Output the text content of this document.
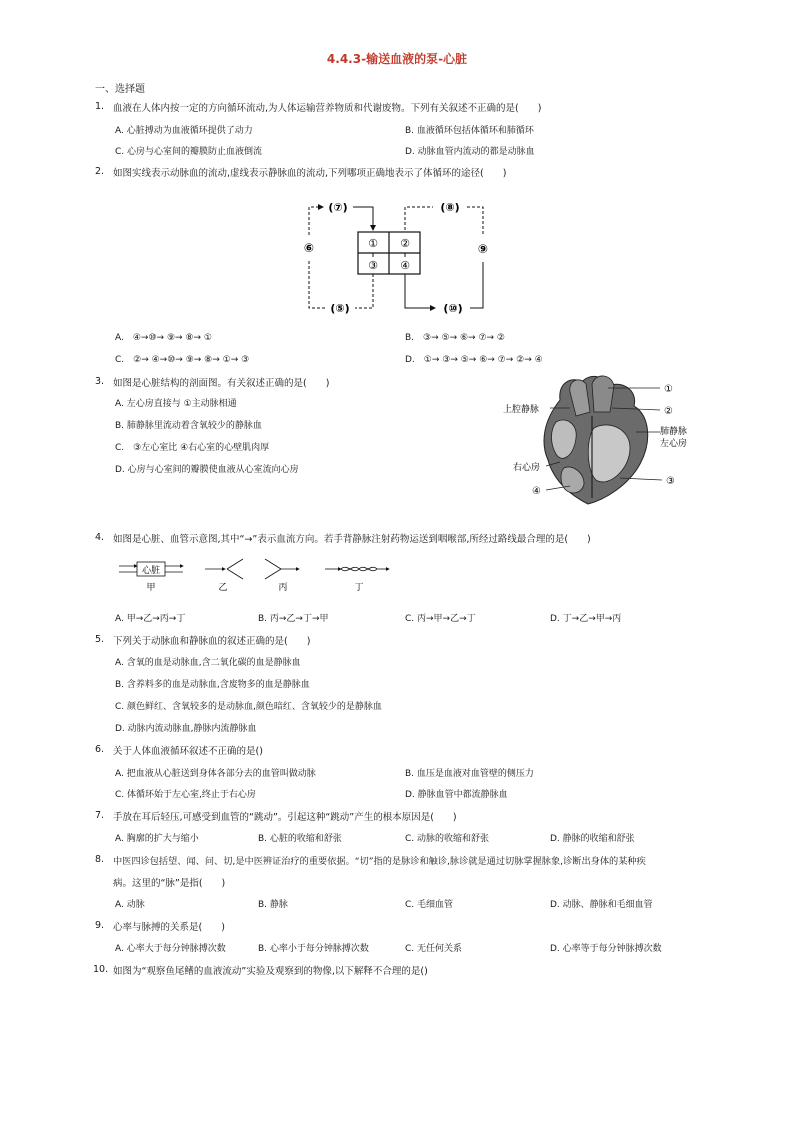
4.4.3-输送血液的泵-心脏
一、选择题
1. 血液在人体内按一定的方向循环流动,为人体运输营养物质和代谢废物。下列有关叙述不正确的是(　　)
A. 心脏搏动为血液循环提供了动力	B. 血液循环包括体循环和肺循环
C. 心房与心室间的瓣膜防止血液倒流	D. 动脉血管内流动的都是动脉血
2. 如图实线表示动脉血的流动,虚线表示静脉血的流动,下列哪项正确地表示了体循环的途径(　　)
① ②
③ ④
(⑦)	(⑧)
⑥	⑨
(⑤)	(⑩)
A.　④→⑩→ ⑨→ ⑧→ ①	B.　③→ ⑤→ ⑥→ ⑦→ ②
C.　②→ ④→⑩→ ⑨→ ⑧→ ①→ ③	D.　①→ ③→ ⑤→ ⑥→ ⑦→ ②→ ④
3. 如图是心脏结构的剖面图。有关叙述正确的是(　　)
A. 左心房直接与 ①主动脉相通
B. 肺静脉里流动着含氧较少的静脉血
C.　③左心室比 ④右心室的心壁肌肉厚
D. 心房与心室间的瓣膜使血液从心室流向心房
①
②
肺静脉
左心房
③
上腔静脉
右心房
④
4. 如图是心脏、血管示意图,其中“→”表示血流方向。若手背静脉注射药物运送到咽喉部,所经过路线最合理的是(　　)
心脏
甲	乙	丙	丁
A. 甲→乙→丙→丁	B. 丙→乙→丁→甲	C. 丙→甲→乙→丁	D. 丁→乙→甲→丙
5. 下列关于动脉血和静脉血的叙述正确的是(　　)
A. 含氧的血是动脉血,含二氧化碳的血是静脉血
B. 含养料多的血是动脉血,含废物多的血是静脉血
C. 颜色鲜红、含氧较多的是动脉血,颜色暗红、含氧较少的是静脉血
D. 动脉内流动脉血,静脉内流静脉血
6. 关于人体血液循环叙述不正确的是()
A. 把血液从心脏送到身体各部分去的血管叫做动脉	B. 血压是血液对血管壁的侧压力
C. 体循环始于左心室,终止于右心房	D. 静脉血管中都流静脉血
7. 手放在耳后轻压,可感受到血管的“跳动”。引起这种“跳动”产生的根本原因是(　　)
A. 胸廓的扩大与缩小	B. 心脏的收缩和舒张	C. 动脉的收缩和舒张	D. 静脉的收缩和舒张
8. 中医四诊包括望、闻、问、切,是中医辨证治疗的重要依据。“切”指的是脉诊和触诊,脉诊就是通过切脉掌握脉象,诊断出身体的某种疾
病。这里的“脉”是指(　　)
A. 动脉	B. 静脉	C. 毛细血管	D. 动脉、静脉和毛细血管
9. 心率与脉搏的关系是(　　)
A. 心率大于每分钟脉搏次数	B. 心率小于每分钟脉搏次数	C. 无任何关系	D. 心率等于每分钟脉搏次数
10. 如图为“观察鱼尾鳍的血液流动”实验及观察到的物像,以下解释不合理的是()
